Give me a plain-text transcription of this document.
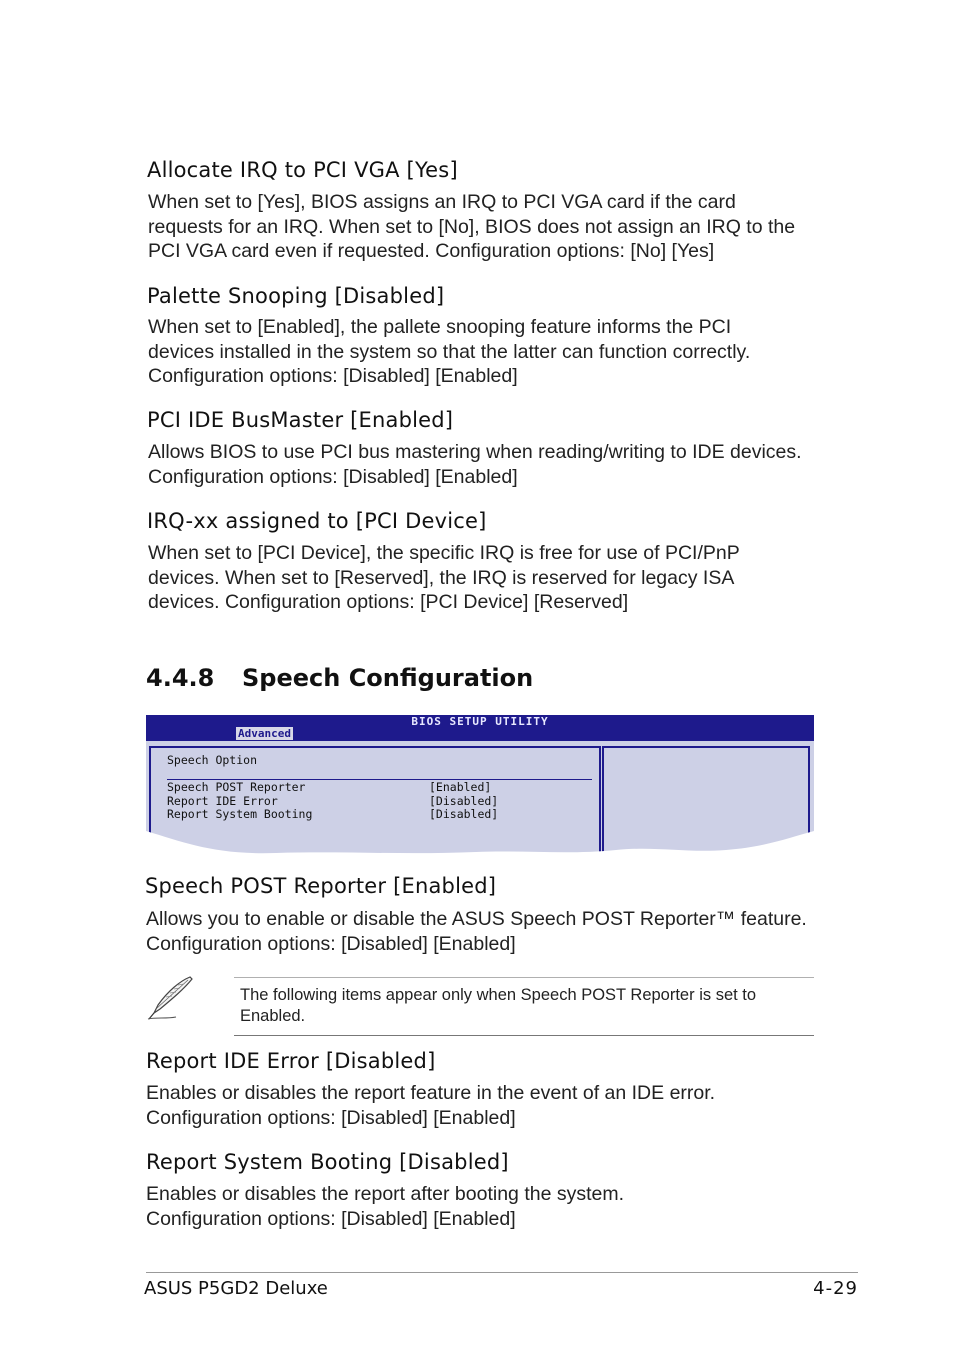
Allocate IRQ to PCI VGA [Yes]

When set to [Yes], BIOS assigns an IRQ to PCI VGA card if the card
requests for an IRQ. When set to [No], BIOS does not assign an IRQ to the
PCI VGA card even if requested. Configuration options: [No] [Yes]

Palette Snooping [Disabled]

When set to [Enabled], the pallete snooping feature informs the PCI
devices installed in the system so that the latter can function correctly.
Configuration options: [Disabled] [Enabled]

PCI IDE BusMaster [Enabled]

Allows BIOS to use PCI bus mastering when reading/writing to IDE devices.
Configuration options: [Disabled] [Enabled]

IRQ-xx assigned to [PCI Device]

When set to [PCI Device], the specific IRQ is free for use of PCI/PnP
devices. When set to [Reserved], the IRQ is reserved for legacy ISA
devices. Configuration options: [PCI Device] [Reserved]

4.4.8 Speech Configuration
BIOS SETUP UTILITY
Advanced
Speech Option
Speech POST Reporter	[Enabled]
Report IDE Error	[Disabled]
Report System Booting	[Disabled]
Speech POST Reporter [Enabled]

Allows you to enable or disable the ASUS Speech POST Reporter™ feature.
Configuration options: [Disabled] [Enabled]

The following items appear only when Speech POST Reporter is set to
Enabled.

Report IDE Error [Disabled]

Enables or disables the report feature in the event of an IDE error.
Configuration options: [Disabled] [Enabled]

Report System Booting [Disabled]

Enables or disables the report after booting the system.
Configuration options: [Disabled] [Enabled]

ASUS P5GD2 Deluxe	4-29
